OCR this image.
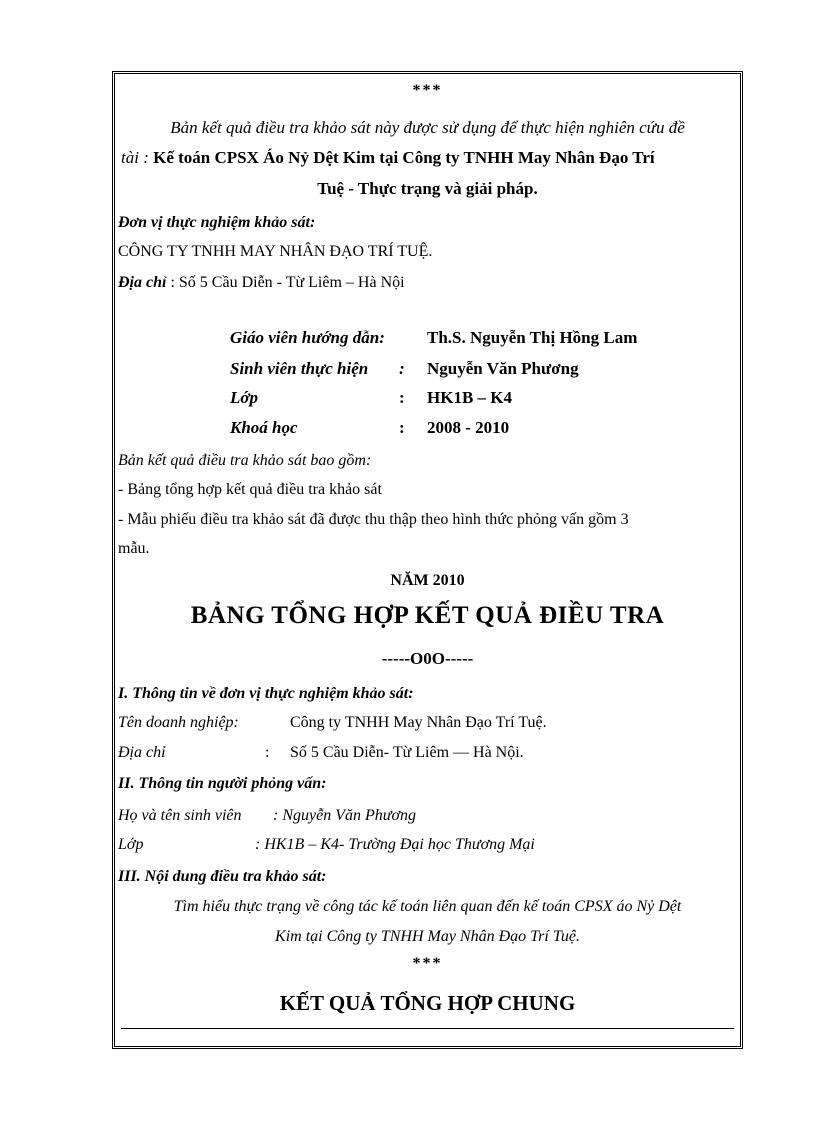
***
Bản kết quả điều tra khảo sát này được sử dụng để thực hiện nghiên cứu đề
tài : Kế toán CPSX Áo Nỷ Dệt Kim tại Công ty TNHH May Nhân Đạo Trí
Tuệ - Thực trạng và giải pháp.
Đơn vị thực nghiệm khảo sát:
CÔNG TY TNHH MAY NHÂN ĐẠO TRÍ TUỆ.
Địa chỉ : Số 5 Cầu Diễn - Từ Liêm – Hà Nội
Giáo viên hướng dẫn: Th.S. Nguyễn Thị Hồng Lam
Sinh viên thực hiện : Nguyễn Văn Phương
Lớp	: HK1B – K4
Khoá học	: 2008 - 2010
Bản kết quả điều tra khảo sát bao gồm:
- Bảng tổng hợp kết quả điều tra khảo sát
- Mẫu phiếu điều tra khảo sát đã được thu thập theo hình thức phỏng vấn gồm 3
mẫu.
NĂM 2010
BẢNG TỔNG HỢP KẾT QUẢ ĐIỀU TRA
-----O0O-----
I. Thông tin về đơn vị thực nghiệm khảo sát:
Tên doanh nghiệp:	Công ty TNHH May Nhân Đạo Trí Tuệ.
Địa chỉ	: Số 5 Cầu Diễn- Từ Liêm — Hà Nội.
II. Thông tin người phỏng vấn:
Họ và tên sinh viên : Nguyễn Văn Phương
Lớp	: HK1B – K4- Trường Đại học Thương Mại
III. Nội dung điều tra khảo sát:
Tìm hiểu thực trạng về công tác kế toán liên quan đến kế toán CPSX áo Nỷ Dệt
Kim tại Công ty TNHH May Nhân Đạo Trí Tuệ.
***
KẾT QUẢ TỔNG HỢP CHUNG
